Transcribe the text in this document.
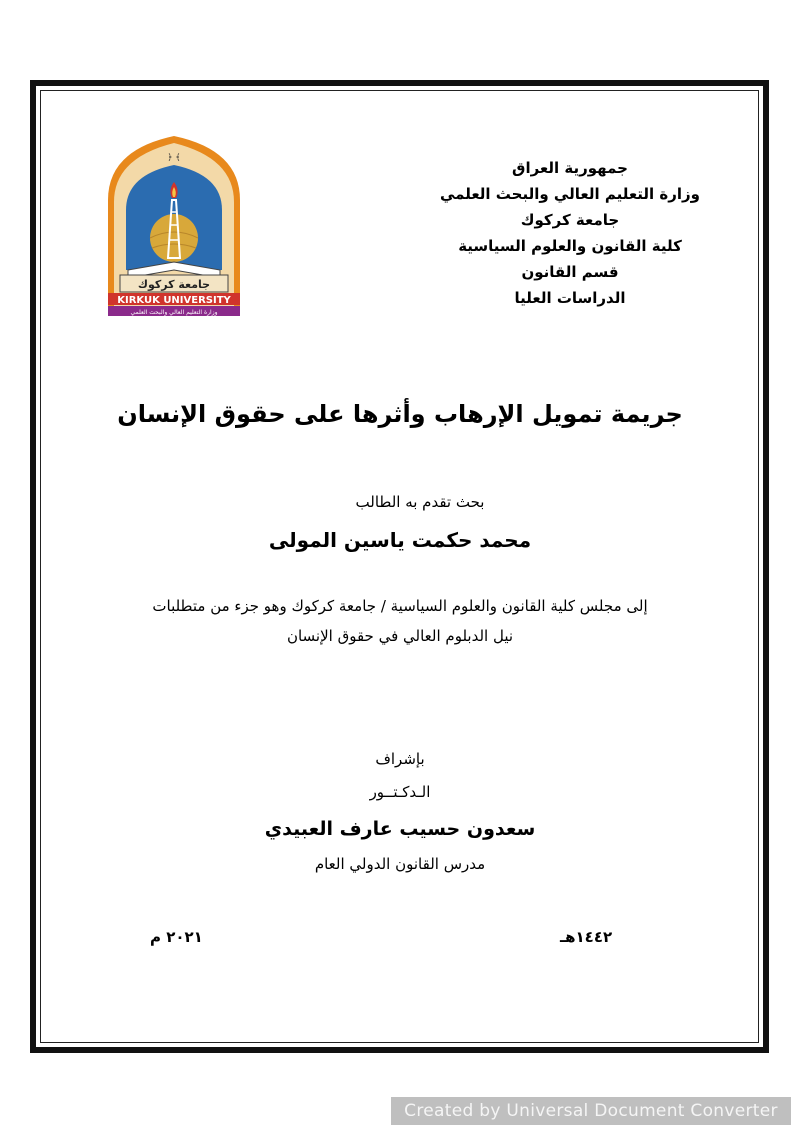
﴿ ﴾
جامعة كركوك
KIRKUK UNIVERSITY
وزارة التعليم العالي والبحث العلمي
جمهورية العراق
وزارة التعليم العالي والبحث العلمي
جامعة كركوك
كلية القانون والعلوم السياسية
قسم القانون
الدراسات العليا
جريمة تمويل الإرهاب وأثرها على حقوق الإنسان
بحث تقدم به الطالب
محمد حكمت ياسين المولى
إلى مجلس كلية القانون والعلوم السياسية / جامعة كركوك وهو جزء من متطلبات
نيل الدبلوم العالي في حقوق الإنسان
بإشراف
الـدكـتــور
سعدون حسيب عارف العبيدي
مدرس القانون الدولي العام
١٤٤٢هـ
٢٠٢١ م
Created by Universal Document Converter
